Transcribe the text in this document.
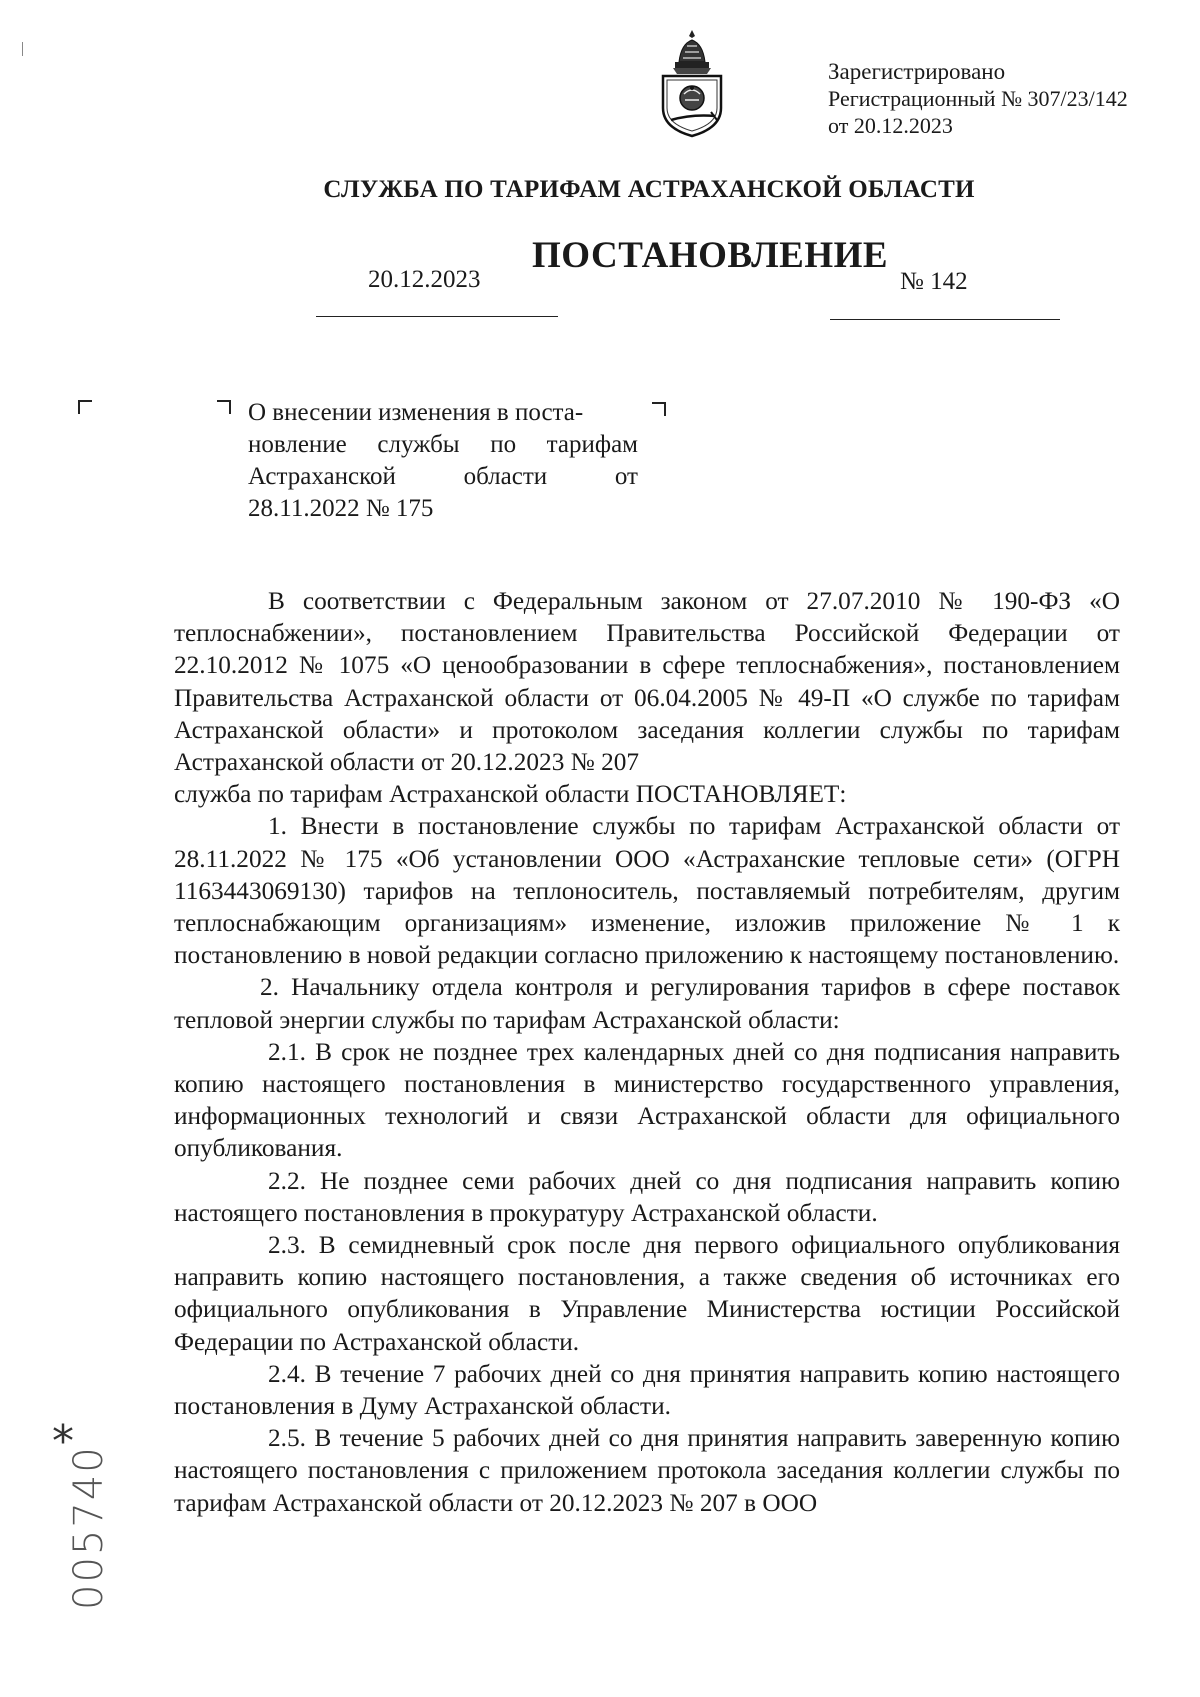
Зарегистрировано
Регистрационный № 307/23/142
от 20.12.2023
СЛУЖБА ПО ТАРИФАМ АСТРАХАНСКОЙ ОБЛАСТИ
ПОСТАНОВЛЕНИЕ
20.12.2023	№ 142
О внесении изменения в поста-
новление службы по тарифам
Астраханской области от
28.11.2022 № 175

В соответствии с Федеральным законом от 27.07.2010 № 190-ФЗ «О теплоснабжении», постановлением Правительства Российской Федерации от 22.10.2012 № 1075 «О ценообразовании в сфере теплоснабжения», постановлением Правительства Астраханской области от 06.04.2005 № 49-П «О службе по тарифам Астраханской области» и протоколом заседания коллегии службы по тарифам Астраханской области от 20.12.2023 № 207

служба по тарифам Астраханской области ПОСТАНОВЛЯЕТ:

1. Внести в постановление службы по тарифам Астраханской области от 28.11.2022 № 175 «Об установлении ООО «Астраханские тепловые сети» (ОГРН 1163443069130) тарифов на теплоноситель, поставляемый потребителям, другим теплоснабжающим организациям» изменение, изложив приложение № 1 к постановлению в новой редакции согласно приложению к настоящему постановлению.

2. Начальнику отдела контроля и регулирования тарифов в сфере поставок тепловой энергии службы по тарифам Астраханской области:

2.1. В срок не позднее трех календарных дней со дня подписания направить копию настоящего постановления в министерство государственного управления, информационных технологий и связи Астраханской области для официального опубликования.

2.2. Не позднее семи рабочих дней со дня подписания направить копию настоящего постановления в прокуратуру Астраханской области.

2.3. В семидневный срок после дня первого официального опубликования направить копию настоящего постановления, а также сведения об источниках его официального опубликования в Управление Министерства юстиции Российской Федерации по Астраханской области.

2.4. В течение 7 рабочих дней со дня принятия направить копию настоящего постановления в Думу Астраханской области.

2.5. В течение 5 рабочих дней со дня принятия направить заверенную копию настоящего постановления с приложением протокола заседания коллегии службы по тарифам Астраханской области от 20.12.2023 № 207 в ООО

*
005740
